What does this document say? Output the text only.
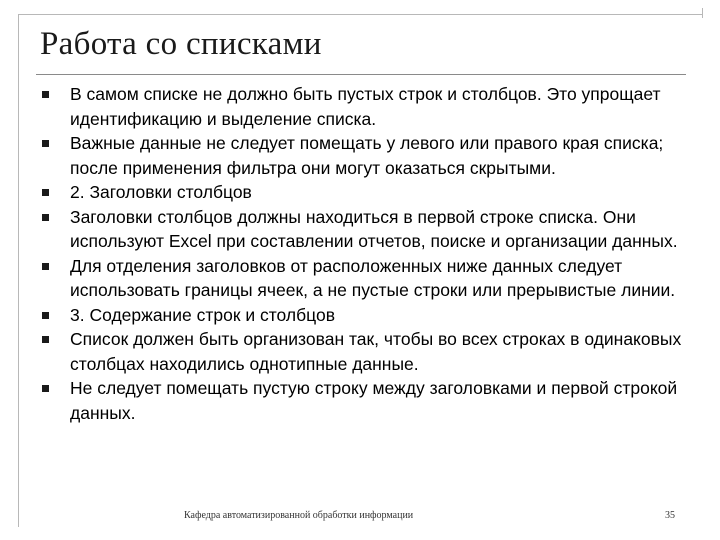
Работа со списками
В самом списке не должно быть пустых строк и столбцов. Это упрощает идентификацию и выделение списка.
Важные данные не следует помещать у левого или правого края списка; после применения фильтра они могут оказаться скрытыми.
2. Заголовки столбцов
Заголовки столбцов должны находиться в первой строке списка. Они используют Excel при составлении отчетов, поиске и организации данных.
Для отделения заголовков от расположенных ниже данных следует использовать границы ячеек, а не пустые строки или прерывистые линии.
3. Содержание строк и столбцов
Список должен быть организован так, чтобы во всех строках в одинаковых столбцах находились однотипные данные.
Не следует помещать пустую строку между заголовками и первой строкой данных.
Кафедра автоматизированной обработки информации	35
